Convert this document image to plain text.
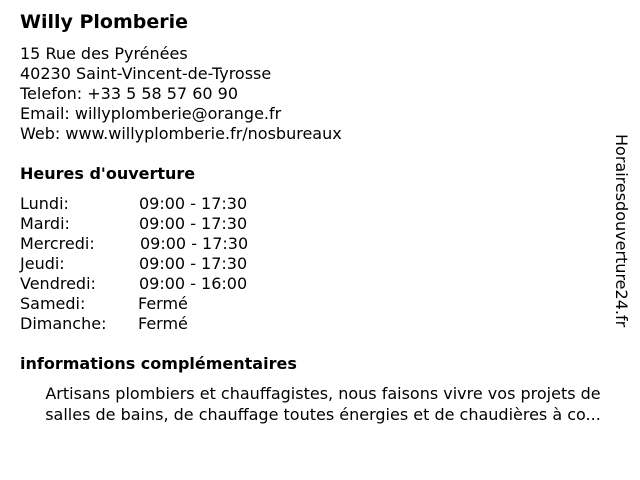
Willy Plomberie
15 Rue des Pyrénées
40230 Saint-Vincent-de-Tyrosse
Telefon: +33 5 58 57 60 90
Email: willyplomberie@orange.fr
Web: www.willyplomberie.fr/nosbureaux
Heures d'ouverture
Lundi:	09:00 - 17:30
Mardi:	09:00 - 17:30
Mercredi:	09:00 - 17:30
Jeudi:	09:00 - 17:30
Vendredi:	09:00 - 16:00
Samedi:	Fermé
Dimanche: Fermé
informations complémentaires
Artisans plombiers et chauffagistes, nous faisons vivre vos projets de
salles de bains, de chauffage toutes énergies et de chaudières à co...
Horairesdouverture24.fr
